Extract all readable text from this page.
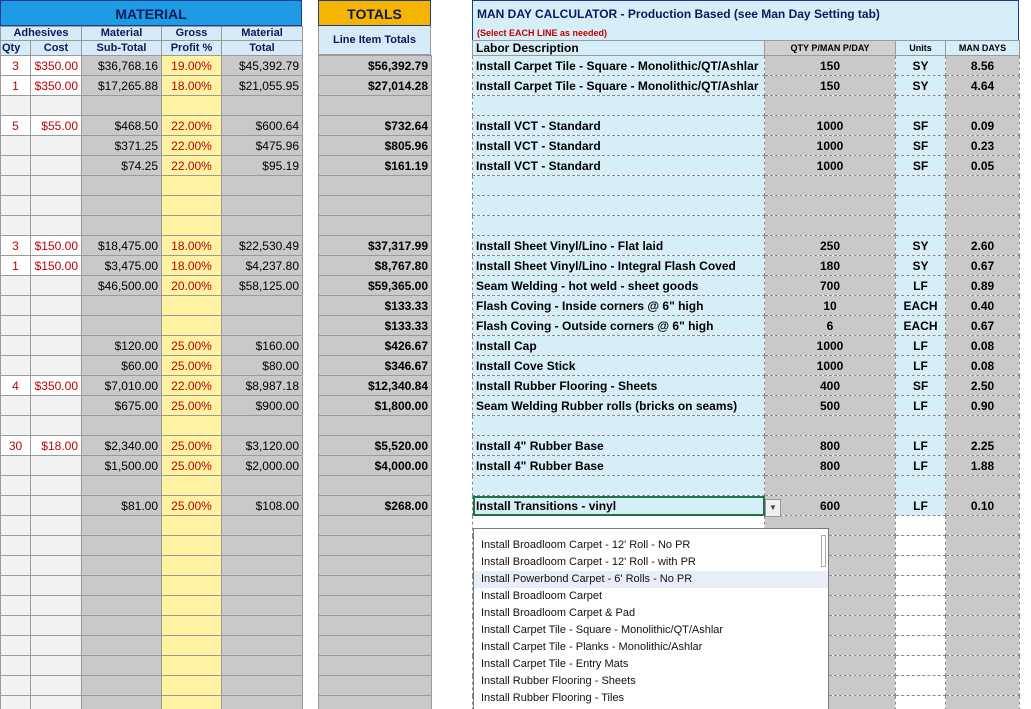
MATERIAL
Adhesives		Material	Gross	Material
Qty	Cost	Sub-Total	Profit %	Total
3	$350.00	$36,768.16	19.00%	$45,392.79
1	$350.00	$17,265.88	18.00%	$21,055.95

5	$55.00	$468.50	22.00%	$600.64
		$371.25	22.00%	$475.96
		$74.25	22.00%	$95.19

3	$150.00	$18,475.00	18.00%	$22,530.49
1	$150.00	$3,475.00	18.00%	$4,237.80
		$46,500.00	20.00%	$58,125.00

		$120.00	25.00%	$160.00
		$60.00	25.00%	$80.00
4	$350.00	$7,010.00	22.00%	$8,987.18
		$675.00	25.00%	$900.00

30	$18.00	$2,340.00	25.00%	$3,120.00
		$1,500.00	25.00%	$2,000.00

		$81.00	25.00%	$108.00

TOTALS
Line Item Totals
$56,392.79
$27,014.28

$732.64
$805.96
$161.19

$37,317.99
$8,767.80
$59,365.00
$133.33
$133.33
$426.67
$346.67
$12,340.84
$1,800.00

$5,520.00
$4,000.00

$268.00

MAN DAY CALCULATOR - Production Based (see Man Day Setting tab)
(Select EACH LINE as needed)
Labor Description	QTY P/MAN P/DAY	Units	MAN DAYS
Install Carpet Tile - Square - Monolithic/QT/Ashlar	150	SY	8.56
Install Carpet Tile - Square - Monolithic/QT/Ashlar	150	SY	4.64

Install VCT - Standard	1000	SF	0.09
Install VCT - Standard	1000	SF	0.23
Install VCT - Standard	1000	SF	0.05

Install Sheet Vinyl/Lino - Flat laid	250	SY	2.60
Install Sheet Vinyl/Lino - Integral Flash Coved	180	SY	0.67
Seam Welding - hot weld - sheet goods	700	LF	0.89
Flash Coving - Inside corners @ 6" high	10	EACH	0.40
Flash Coving - Outside corners @ 6" high	6	EACH	0.67
Install Cap	1000	LF	0.08
Install Cove Stick	1000	LF	0.08
Install Rubber Flooring - Sheets	400	SF	2.50
Seam Welding Rubber rolls (bricks on seams)	500	LF	0.90

Install 4" Rubber Base	800	LF	2.25
Install 4" Rubber Base	800	LF	1.88

Install Transitions - vinyl	600	LF	0.10

▼
Install Broadloom Carpet - 12' Roll - No PR
Install Broadloom Carpet - 12' Roll - with PR
Install Powerbond Carpet - 6' Rolls - No PR
Install Broadloom Carpet
Install Broadloom Carpet & Pad
Install Carpet Tile - Square - Monolithic/QT/Ashlar
Install Carpet Tile - Planks - Monolithic/Ashlar
Install Carpet Tile - Entry Mats
Install Rubber Flooring - Sheets
Install Rubber Flooring - Tiles
